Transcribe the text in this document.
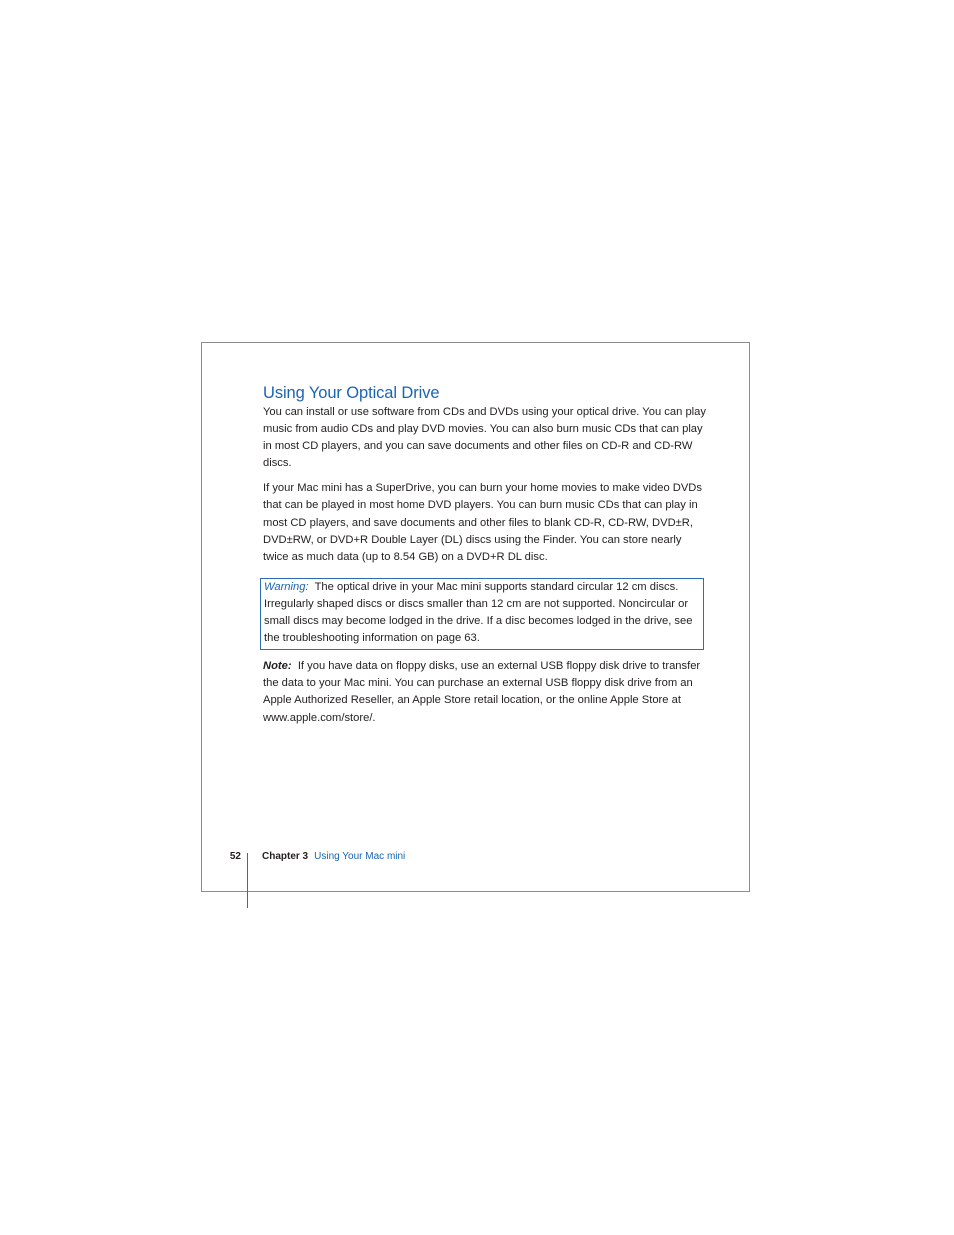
Using Your Optical Drive

You can install or use software from CDs and DVDs using your optical drive. You can play music from audio CDs and play DVD movies. You can also burn music CDs that can play in most CD players, and you can save documents and other files on CD-R and CD-RW discs.

If your Mac mini has a SuperDrive, you can burn your home movies to make video DVDs that can be played in most home DVD players. You can burn music CDs that can play in most CD players, and save documents and other files to blank CD-R, CD-RW, DVD±R, DVD±RW, or DVD+R Double Layer (DL) discs using the Finder. You can store nearly twice as much data (up to 8.54 GB) on a DVD+R DL disc.

Warning: The optical drive in your Mac mini supports standard circular 12 cm discs. Irregularly shaped discs or discs smaller than 12 cm are not supported. Noncircular or small discs may become lodged in the drive. If a disc becomes lodged in the drive, see the troubleshooting information on page 63.

Note: If you have data on floppy disks, use an external USB floppy disk drive to transfer the data to your Mac mini. You can purchase an external USB floppy disk drive from an Apple Authorized Reseller, an Apple Store retail location, or the online Apple Store at www.apple.com/store/.

52 Chapter 3 Using Your Mac mini
